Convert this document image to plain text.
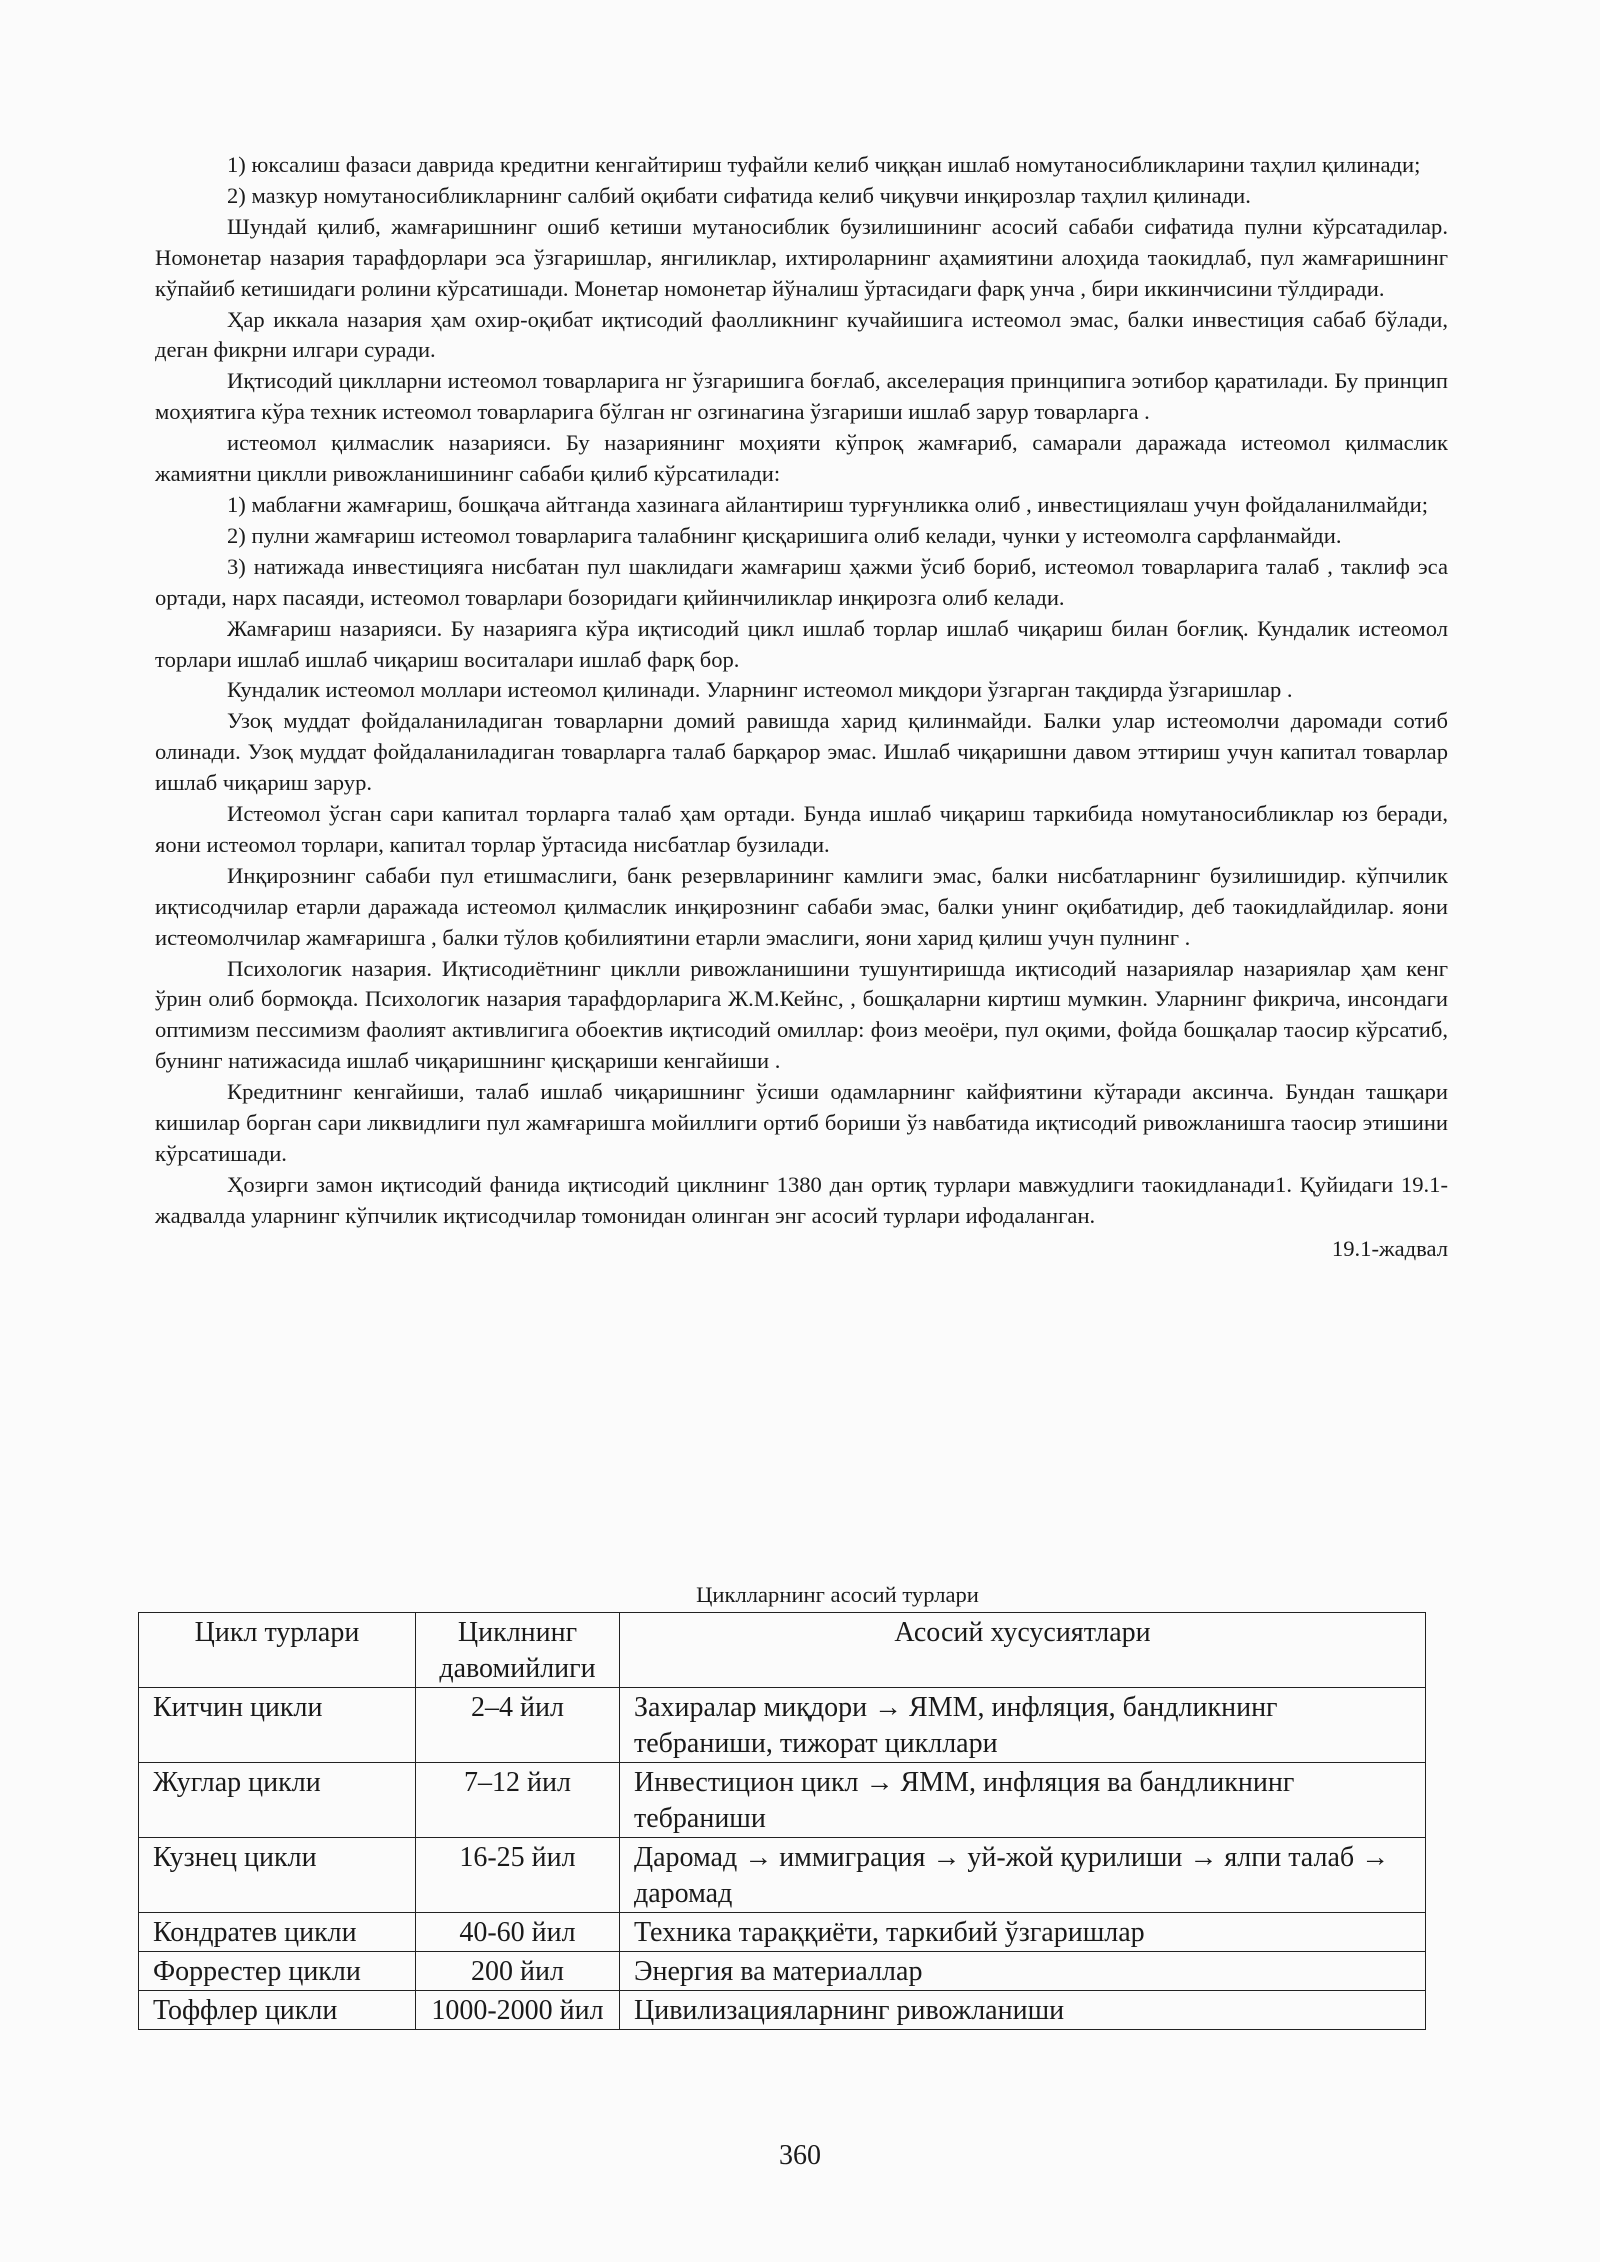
1) юксалиш фазаси даврида кредитни кенгайтириш туфайли келиб чиққан ишлаб номутаносибликларини таҳлил қилинади;

2) мазкур номутаносибликларнинг салбий оқибати сифатида келиб чиқувчи инқирозлар таҳлил қилинади.

Шундай қилиб, жамғаришнинг ошиб кетиши мутаносиблик бузилишининг асосий сабаби сифатида пулни кўрсатадилар. Номонетар назария тарафдорлари эса ўзгаришлар, янгиликлар, ихтироларнинг аҳамиятини алоҳида таокидлаб, пул жамғаришнинг кўпайиб кетишидаги ролини кўрсатишади. Монетар номонетар йўналиш ўртасидаги фарқ унча , бири иккинчисини тўлдиради.

Ҳар иккала назария ҳам охир-оқибат иқтисодий фаолликнинг кучайишига истеомол эмас, балки инвестиция сабаб бўлади, деган фикрни илгари суради.

Иқтисодий циклларни истеомол товарларига нг ўзгаришига боғлаб, акселерация принципига эотибор қаратилади. Бу принцип моҳиятига кўра техник истеомол товарларига бўлган нг озгинагина ўзгариши ишлаб зарур товарларга .

истеомол қилмаслик назарияси. Бу назариянинг моҳияти кўпроқ жамғариб, самарали даражада истеомол қилмаслик жамиятни циклли ривожланишининг сабаби қилиб кўрсатилади:

1) маблағни жамғариш, бошқача айтганда хазинага айлантириш турғунликка олиб , инвестициялаш учун фойдаланилмайди;

2) пулни жамғариш истеомол товарларига талабнинг қисқаришига олиб келади, чунки у истеомолга сарфланмайди.

3) натижада инвестицияга нисбатан пул шаклидаги жамғариш ҳажми ўсиб бориб, истеомол товарларига талаб , таклиф эса ортади, нарх пасаяди, истеомол товарлари бозоридаги қийинчиликлар инқирозга олиб келади.

Жамғариш назарияси. Бу назарияга кўра иқтисодий цикл ишлаб торлар ишлаб чиқариш билан боғлиқ. Кундалик истеомол торлари ишлаб ишлаб чиқариш воситалари ишлаб фарқ бор.

Кундалик истеомол моллари истеомол қилинади. Уларнинг истеомол миқдори ўзгарган тақдирда ўзгаришлар .

Узоқ муддат фойдаланиладиган товарларни домий равишда харид қилинмайди. Балки улар истеомолчи даромади сотиб олинади. Узоқ муддат фойдаланиладиган товарларга талаб барқарор эмас. Ишлаб чиқаришни давом эттириш учун капитал товарлар ишлаб чиқариш зарур.

Истеомол ўсган сари капитал торларга талаб ҳам ортади. Бунда ишлаб чиқариш таркибида номутаносибликлар юз беради, яони истеомол торлари, капитал торлар ўртасида нисбатлар бузилади.

Инқирознинг сабаби пул етишмаслиги, банк резервларининг камлиги эмас, балки нисбатларнинг бузилишидир. кўпчилик иқтисодчилар етарли даражада истеомол қилмаслик инқирознинг сабаби эмас, балки унинг оқибатидир, деб таокидлайдилар. яони истеомолчилар жамғаришга , балки тўлов қобилиятини етарли эмаслиги, яони харид қилиш учун пулнинг .

Психологик назария. Иқтисодиётнинг циклли ривожланишини тушунтиришда иқтисодий назариялар назариялар ҳам кенг ўрин олиб бормоқда. Психологик назария тарафдорларига Ж.М.Кейнс, , бошқаларни киртиш мумкин. Уларнинг фикрича, инсондаги оптимизм пессимизм фаолият активлигига обоектив иқтисодий омиллар: фоиз меоёри, пул оқими, фойда бошқалар таосир кўрсатиб, бунинг натижасида ишлаб чиқаришнинг қисқариши кенгайиши .

Кредитнинг кенгайиши, талаб ишлаб чиқаришнинг ўсиши одамларнинг кайфиятини кўтаради аксинча. Бундан ташқари кишилар борган сари ликвидлиги пул жамғаришга мойиллиги ортиб бориши ўз навбатида иқтисодий ривожланишга таосир этишини кўрсатишади.

Ҳозирги замон иқтисодий фанида иқтисодий циклнинг 1380 дан ортиқ турлари мавжудлиги таокидланади1. Қуйидаги 19.1-жадвалда уларнинг кўпчилик иқтисодчилар томонидан олинган энг асосий турлари ифодаланган.

19.1-жадвал
Циклларнинг асосий турлари
Цикл турлари	Циклнинг давомийлиги	Асосий хусусиятлари
Китчин цикли	2–4 йил	Захиралар миқдори → ЯММ, инфляция, бандликнинг тебраниши, тижорат цикллари
Жуглар цикли	7–12 йил	Инвестицион цикл → ЯММ, инфляция ва бандликнинг тебраниши
Кузнец цикли	16-25 йил	Даромад → иммиграция → уй-жой қурилиши → ялпи талаб → даромад
Кондратев цикли	40-60 йил	Техника тараққиёти, таркибий ўзгаришлар
Форрестер цикли	200 йил	Энергия ва материаллар
Тоффлер цикли	1000-2000 йил	Цивилизацияларнинг ривожланиши
360
